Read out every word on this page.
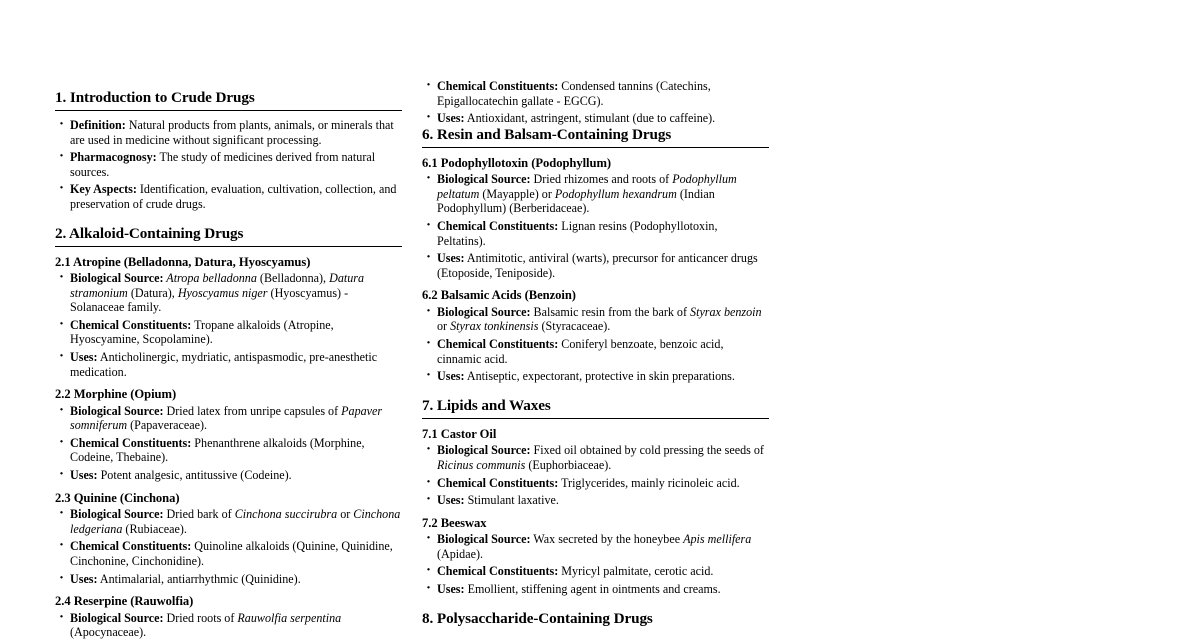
1. Introduction to Crude Drugs
· Definition: Natural products from plants, animals, or minerals that are used in medicine without significant processing.
· Pharmacognosy: The study of medicines derived from natural sources.
· Key Aspects: Identification, evaluation, cultivation, collection, and preservation of crude drugs.
2. Alkaloid-Containing Drugs
2.1 Atropine (Belladonna, Datura, Hyoscyamus)
· Biological Source: Atropa belladonna (Belladonna), Datura stramonium (Datura), Hyoscyamus niger (Hyoscyamus) - Solanaceae family.
· Chemical Constituents: Tropane alkaloids (Atropine, Hyoscyamine, Scopolamine).
· Uses: Anticholinergic, mydriatic, antispasmodic, pre-anesthetic medication.
2.2 Morphine (Opium)
· Biological Source: Dried latex from unripe capsules of Papaver somniferum (Papaveraceae).
· Chemical Constituents: Phenanthrene alkaloids (Morphine, Codeine, Thebaine).
· Uses: Potent analgesic, antitussive (Codeine).
2.3 Quinine (Cinchona)
· Biological Source: Dried bark of Cinchona succirubra or Cinchona ledgeriana (Rubiaceae).
· Chemical Constituents: Quinoline alkaloids (Quinine, Quinidine, Cinchonine, Cinchonidine).
· Uses: Antimalarial, antiarrhythmic (Quinidine).
2.4 Reserpine (Rauwolfia)
· Biological Source: Dried roots of Rauwolfia serpentina (Apocynaceae).
· Chemical Constituents: Condensed tannins (Catechins, Epigallocatechin gallate - EGCG).
· Uses: Antioxidant, astringent, stimulant (due to caffeine).
6. Resin and Balsam-Containing Drugs
6.1 Podophyllotoxin (Podophyllum)
· Biological Source: Dried rhizomes and roots of Podophyllum peltatum (Mayapple) or Podophyllum hexandrum (Indian Podophyllum) (Berberidaceae).
· Chemical Constituents: Lignan resins (Podophyllotoxin, Peltatins).
· Uses: Antimitotic, antiviral (warts), precursor for anticancer drugs (Etoposide, Teniposide).
6.2 Balsamic Acids (Benzoin)
· Biological Source: Balsamic resin from the bark of Styrax benzoin or Styrax tonkinensis (Styracaceae).
· Chemical Constituents: Coniferyl benzoate, benzoic acid, cinnamic acid.
· Uses: Antiseptic, expectorant, protective in skin preparations.
7. Lipids and Waxes
7.1 Castor Oil
· Biological Source: Fixed oil obtained by cold pressing the seeds of Ricinus communis (Euphorbiaceae).
· Chemical Constituents: Triglycerides, mainly ricinoleic acid.
· Uses: Stimulant laxative.
7.2 Beeswax
· Biological Source: Wax secreted by the honeybee Apis mellifera (Apidae).
· Chemical Constituents: Myricyl palmitate, cerotic acid.
· Uses: Emollient, stiffening agent in ointments and creams.
8. Polysaccharide-Containing Drugs
